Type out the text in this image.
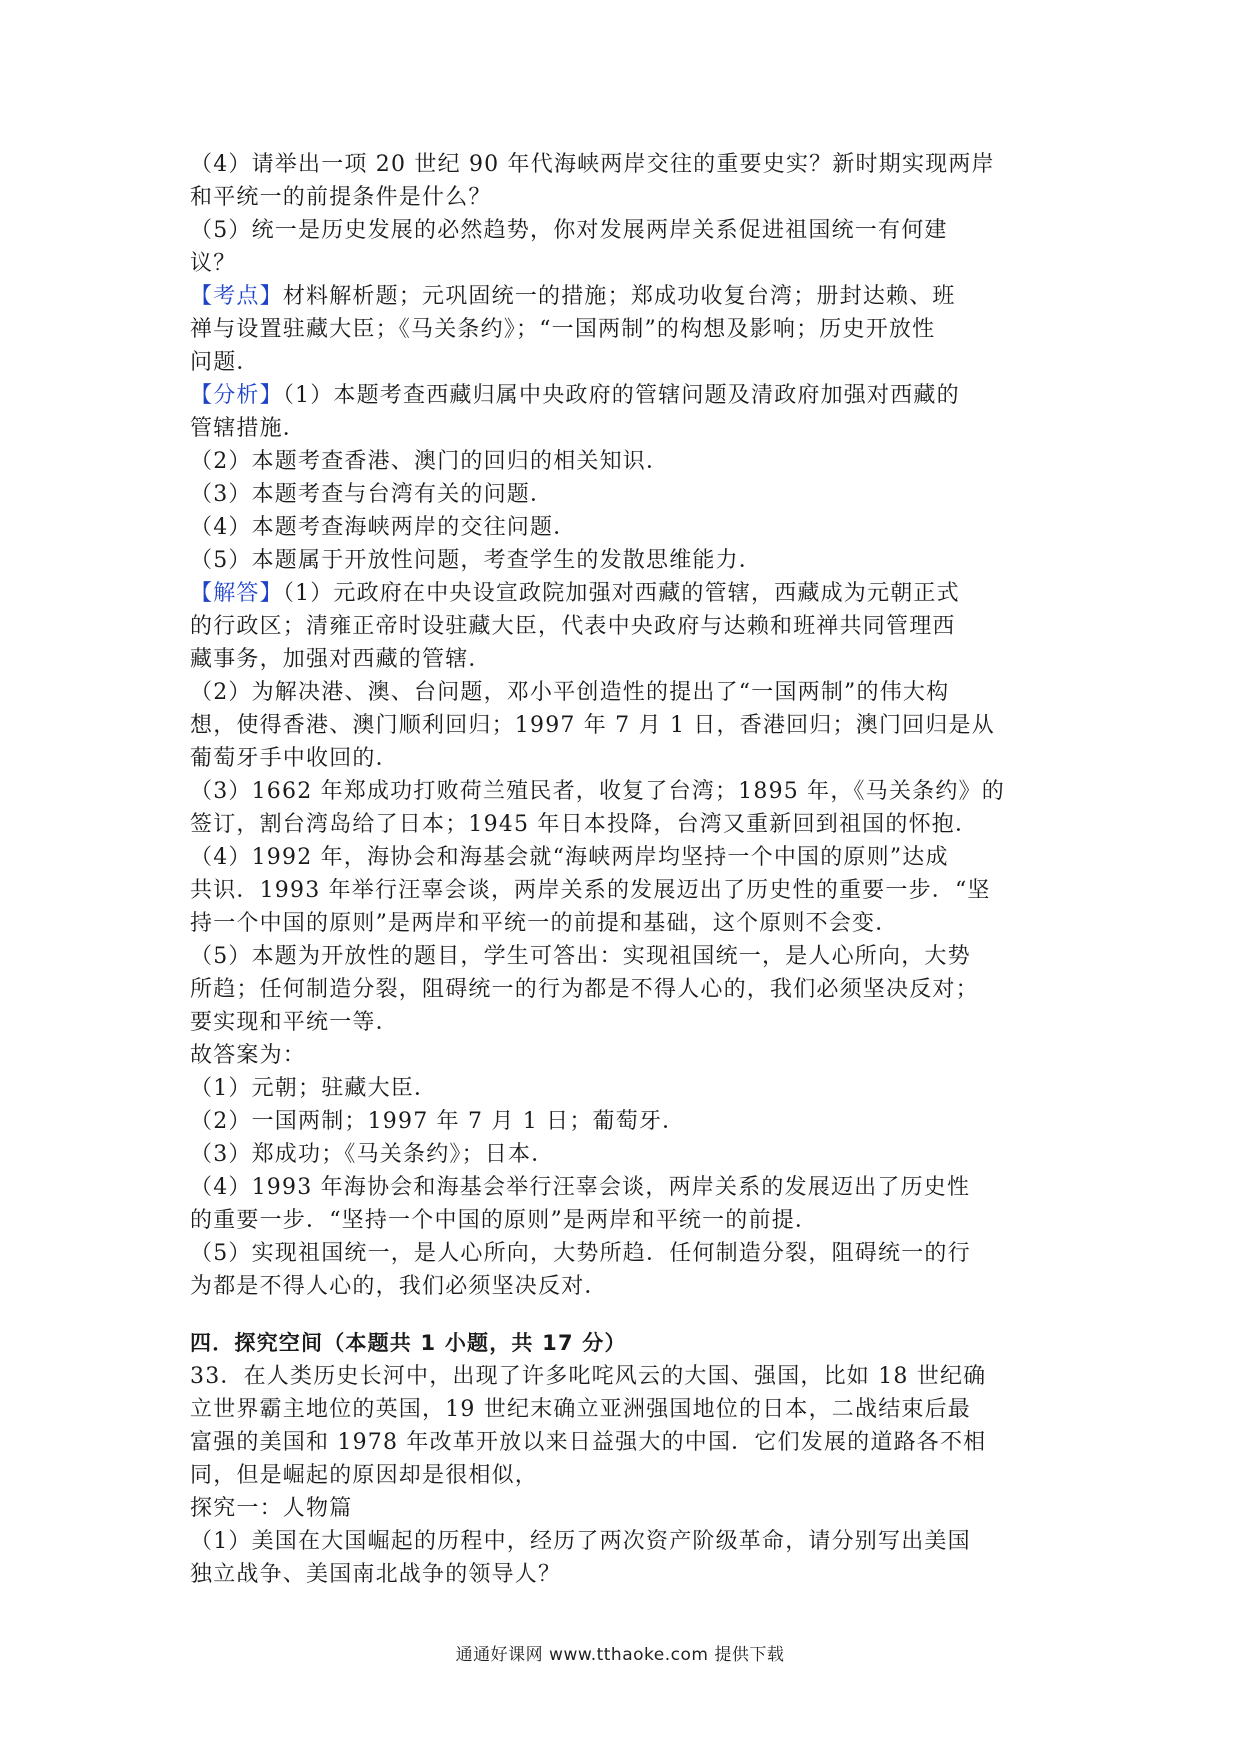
（4）请举出一项 20 世纪 90 年代海峡两岸交往的重要史实？新时期实现两岸
和平统一的前提条件是什么？
（5）统一是历史发展的必然趋势，你对发展两岸关系促进祖国统一有何建
议？
【考点】材料解析题；元巩固统一的措施；郑成功收复台湾；册封达赖、班
禅与设置驻藏大臣；《马关条约》；“一国两制”的构想及影响；历史开放性
问题．
【分析】（1）本题考查西藏归属中央政府的管辖问题及清政府加强对西藏的
管辖措施．
（2）本题考查香港、澳门的回归的相关知识．
（3）本题考查与台湾有关的问题．
（4）本题考查海峡两岸的交往问题．
（5）本题属于开放性问题，考查学生的发散思维能力．
【解答】（1）元政府在中央设宣政院加强对西藏的管辖，西藏成为元朝正式
的行政区；清雍正帝时设驻藏大臣，代表中央政府与达赖和班禅共同管理西
藏事务，加强对西藏的管辖．
（2）为解决港、澳、台问题，邓小平创造性的提出了“一国两制”的伟大构
想，使得香港、澳门顺利回归；1997 年 7 月 1 日，香港回归；澳门回归是从
葡萄牙手中收回的．
（3）1662 年郑成功打败荷兰殖民者，收复了台湾；1895 年，《马关条约》的
签订，割台湾岛给了日本；1945 年日本投降，台湾又重新回到祖国的怀抱．
（4）1992 年，海协会和海基会就“海峡两岸均坚持一个中国的原则”达成
共识．1993 年举行汪辜会谈，两岸关系的发展迈出了历史性的重要一步．“坚
持一个中国的原则”是两岸和平统一的前提和基础，这个原则不会变．
（5）本题为开放性的题目，学生可答出：实现祖国统一，是人心所向，大势
所趋；任何制造分裂，阻碍统一的行为都是不得人心的，我们必须坚决反对；
要实现和平统一等．
故答案为：
（1）元朝；驻藏大臣．
（2）一国两制；1997 年 7 月 1 日；葡萄牙．
（3）郑成功；《马关条约》；日本．
（4）1993 年海协会和海基会举行汪辜会谈，两岸关系的发展迈出了历史性
的重要一步．“坚持一个中国的原则”是两岸和平统一的前提．
（5）实现祖国统一，是人心所向，大势所趋．任何制造分裂，阻碍统一的行
为都是不得人心的，我们必须坚决反对．
四．探究空间（本题共 1 小题，共 17 分）
33．在人类历史长河中，出现了许多叱咤风云的大国、强国，比如 18 世纪确
立世界霸主地位的英国，19 世纪末确立亚洲强国地位的日本，二战结束后最
富强的美国和 1978 年改革开放以来日益强大的中国．它们发展的道路各不相
同，但是崛起的原因却是很相似，
探究一：人物篇
（1）美国在大国崛起的历程中，经历了两次资产阶级革命，请分别写出美国
独立战争、美国南北战争的领导人？
通通好课网 www.tthaoke.com 提供下载
